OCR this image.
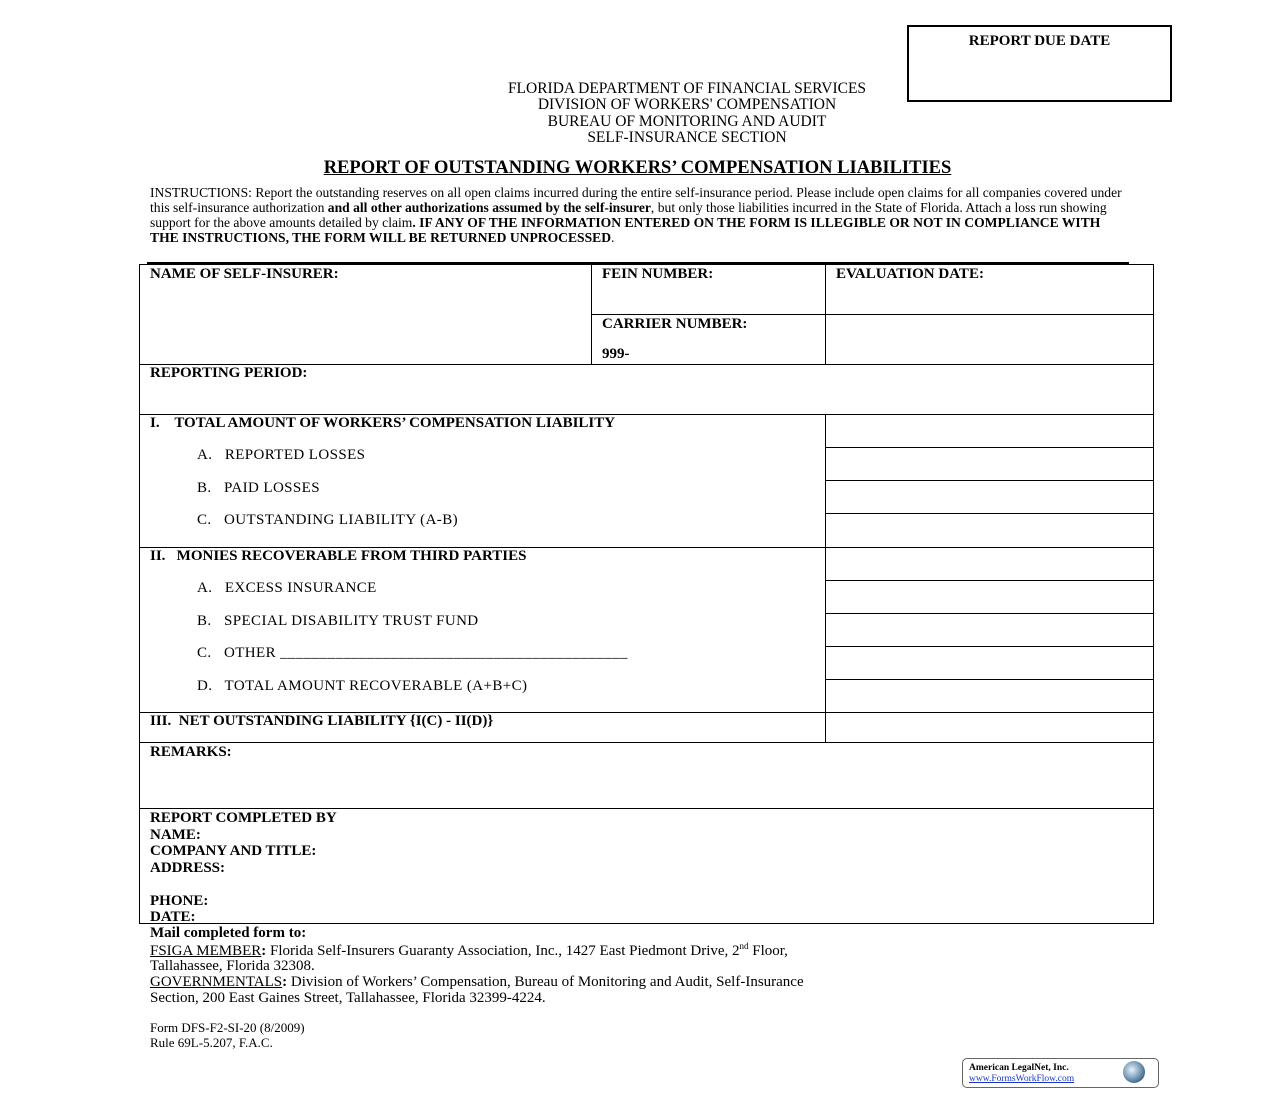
REPORT DUE DATE
FLORIDA DEPARTMENT OF FINANCIAL SERVICES
DIVISION OF WORKERS' COMPENSATION
BUREAU OF MONITORING AND AUDIT
SELF-INSURANCE SECTION
REPORT OF OUTSTANDING WORKERS’ COMPENSATION LIABILITIES
INSTRUCTIONS: Report the outstanding reserves on all open claims incurred during the entire self-insurance period. Please include open claims for all companies covered under this self-insurance authorization and all other authorizations assumed by the self-insurer, but only those liabilities incurred in the State of Florida. Attach a loss run showing support for the above amounts detailed by claim. IF ANY OF THE INFORMATION ENTERED ON THE FORM IS ILLEGIBLE OR NOT IN COMPLIANCE WITH THE INSTRUCTIONS, THE FORM WILL BE RETURNED UNPROCESSED.
NAME OF SELF-INSURER:	FEIN NUMBER:	EVALUATION DATE:
CARRIER NUMBER:
999-
REPORTING PERIOD:
I.    TOTAL AMOUNT OF WORKERS’ COMPENSATION LIABILITY
A.   REPORTED LOSSES
B.   PAID LOSSES
C.   OUTSTANDING LIABILITY (A-B)
II.   MONIES RECOVERABLE FROM THIRD PARTIES
A.   EXCESS INSURANCE
B.   SPECIAL DISABILITY TRUST FUND
C.   OTHER ____________________________________________
D.   TOTAL AMOUNT RECOVERABLE (A+B+C)
III.  NET OUTSTANDING LIABILITY {I(C) - II(D)}
REMARKS:
REPORT COMPLETED BY
NAME:
COMPANY AND TITLE:
ADDRESS:
PHONE:
DATE:
Mail completed form to:
FSIGA MEMBER: Florida Self-Insurers Guaranty Association, Inc., 1427 East Piedmont Drive, 2nd Floor,
Tallahassee, Florida 32308.
GOVERNMENTALS: Division of Workers’ Compensation, Bureau of Monitoring and Audit, Self-Insurance
Section, 200 East Gaines Street, Tallahassee, Florida 32399-4224.
Form DFS-F2-SI-20 (8/2009)
Rule 69L-5.207, F.A.C.
American LegalNet, Inc.
www.FormsWorkFlow.com
